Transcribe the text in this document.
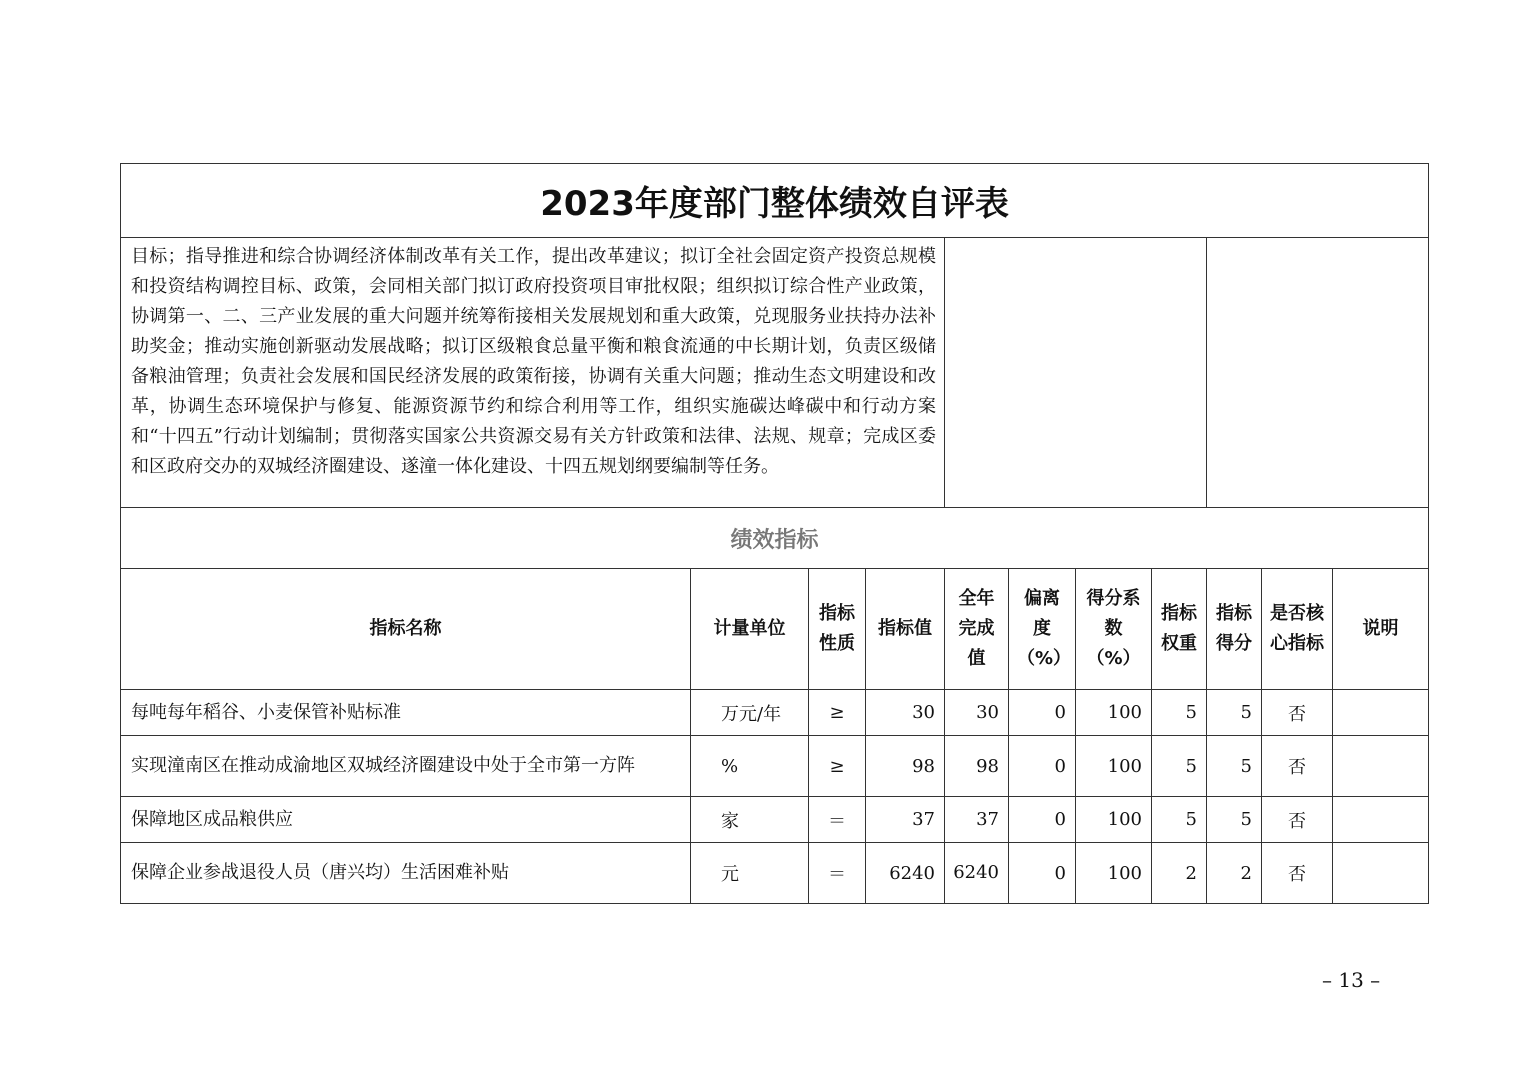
2023年度部门整体绩效自评表										
目标；指导推进和综合协调经济体制改革有关工作，提出改革建议；拟订全社会固定资产投资总规模和投资结构调控目标、政策，会同相关部门拟订政府投资项目审批权限；组织拟订综合性产业政策，协调第一、二、三产业发展的重大问题并统筹衔接相关发展规划和重大政策，兑现服务业扶持办法补助奖金；推动实施创新驱动发展战略；拟订区级粮食总量平衡和粮食流通的中长期计划，负责区级储备粮油管理；负责社会发展和国民经济发展的政策衔接，协调有关重大问题；推动生态文明建设和改革，协调生态环境保护与修复、能源资源节约和综合利用等工作，组织实施碳达峰碳中和行动方案和“十四五”行动计划编制；贯彻落实国家公共资源交易有关方针政策和法律、法规、规章；完成区委和区政府交办的双城经济圈建设、遂潼一体化建设、十四五规划纲要编制等任务。										
绩效指标										
指标名称	计量单位	指标性质	指标值	全年完成值	偏离度（%）	得分系数（%）	指标权重	指标得分	是否核心指标	说明
每吨每年稻谷、小麦保管补贴标准	万元/年	≥	30	30	0	100	5	5	否	
实现潼南区在推动成渝地区双城经济圈建设中处于全市第一方阵	%	≥	98	98	0	100	5	5	否	
保障地区成品粮供应	家	＝	37	37	0	100	5	5	否	
保障企业参战退役人员（唐兴均）生活困难补贴	元	＝	6240	6240	0	100	2	2	否	
– 13 –
